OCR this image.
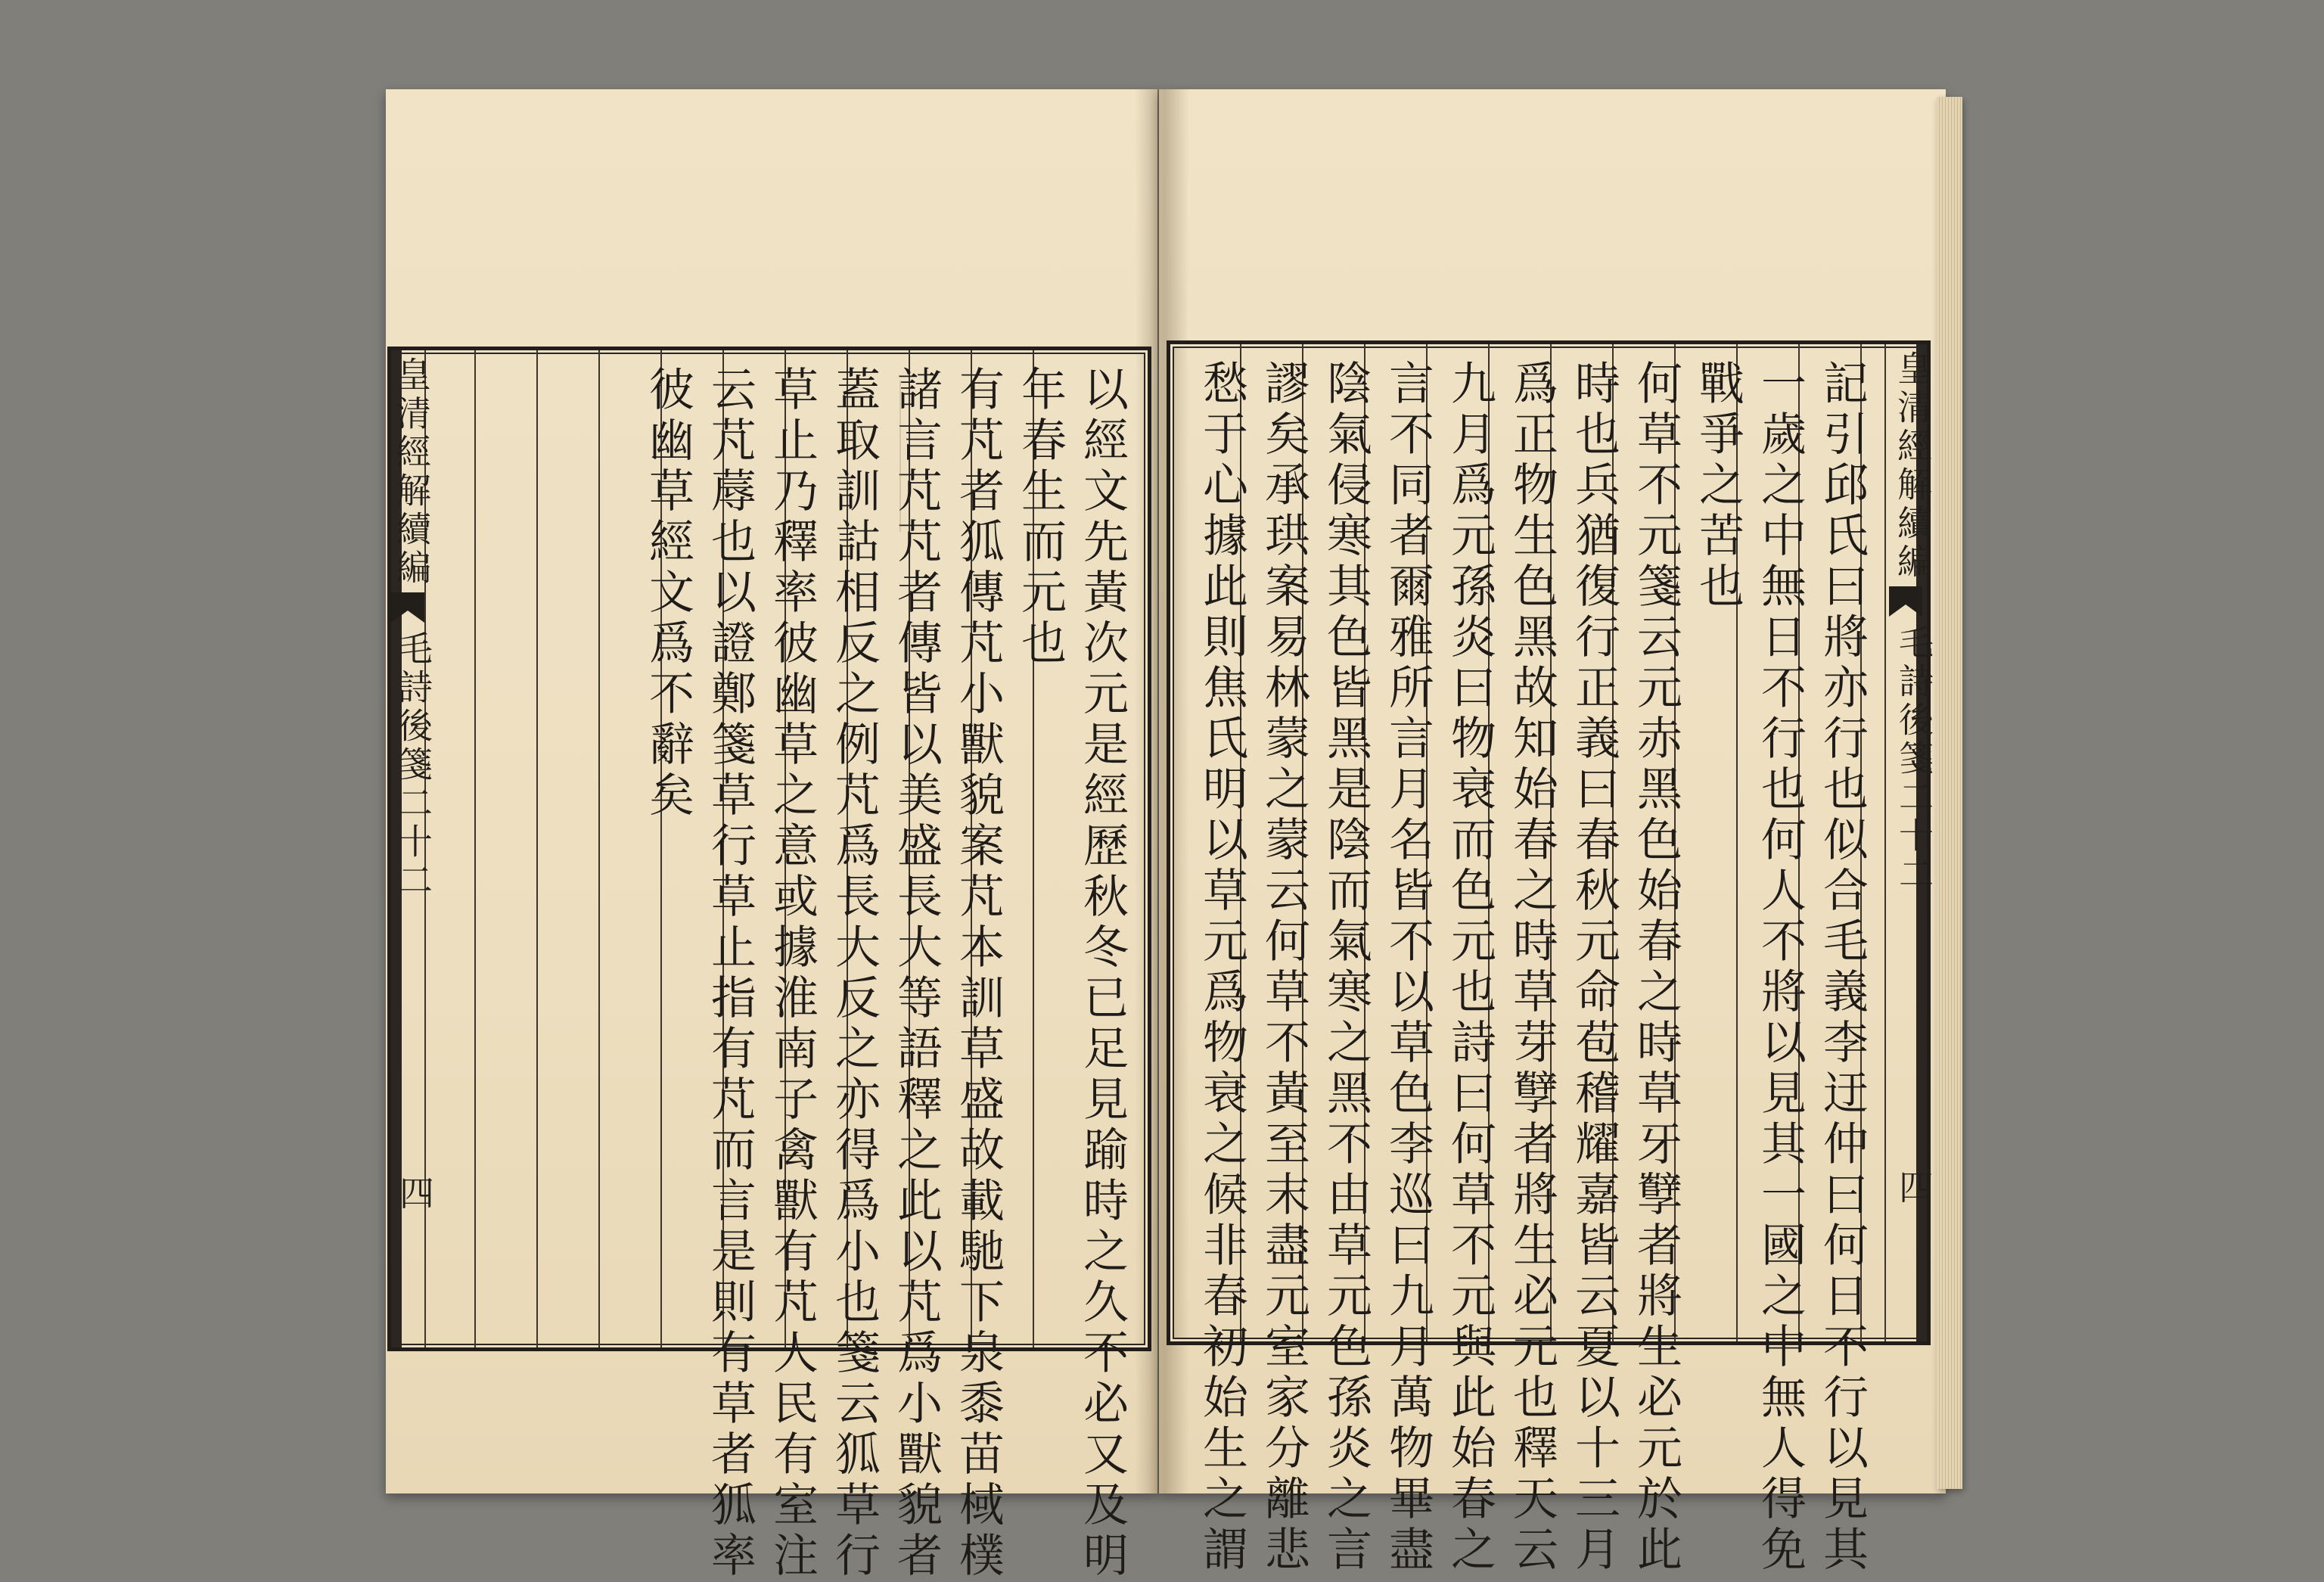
皇清經解續編
毛詩後箋二十二
四	以經文先黃次元是經歷秋冬已足見踰時之久不必又及明
年春生而元也
有芃者狐傳芃小獸貌案芃本訓草盛故載馳下泉黍苗棫樸
諸言芃芃者傳皆以美盛長大等語釋之此以芃爲小獸貌者
蓋取訓詁相反之例芃爲長大反之亦得爲小也箋云狐草行
草止乃釋率彼幽草之意或據淮南子禽獸有芃人民有室注
云芃蓐也以證鄭箋草行草止指有芃而言是則有草者狐率
彼幽草經文爲不辭矣	皇清經解續編
毛詩後箋二十二
四
記引邱氏曰將亦行也似合毛義李迂仲曰何日不行以見其
一歲之中無日不行也何人不將以見其一國之中無人得免
戰爭之苦也
何草不元箋云元赤黑色始春之時草牙孼者將生必元於此
時也兵猶復行正義曰春秋元命苞稽耀嘉皆云夏以十三月
爲正物生色黑故知始春之時草芽孼者將生必元也釋天云
九月爲元孫炎曰物衰而色元也詩曰何草不元與此始春之
言不同者爾雅所言月名皆不以草色李巡曰九月萬物畢盡
陰氣侵寒其色皆黑是陰而氣寒之黑不由草元色孫炎之言
謬矣承珙案易林蒙之蒙云何草不黃至末盡元室家分離悲
愁于心據此則焦氏明以草元爲物衰之候非春初始生之謂
